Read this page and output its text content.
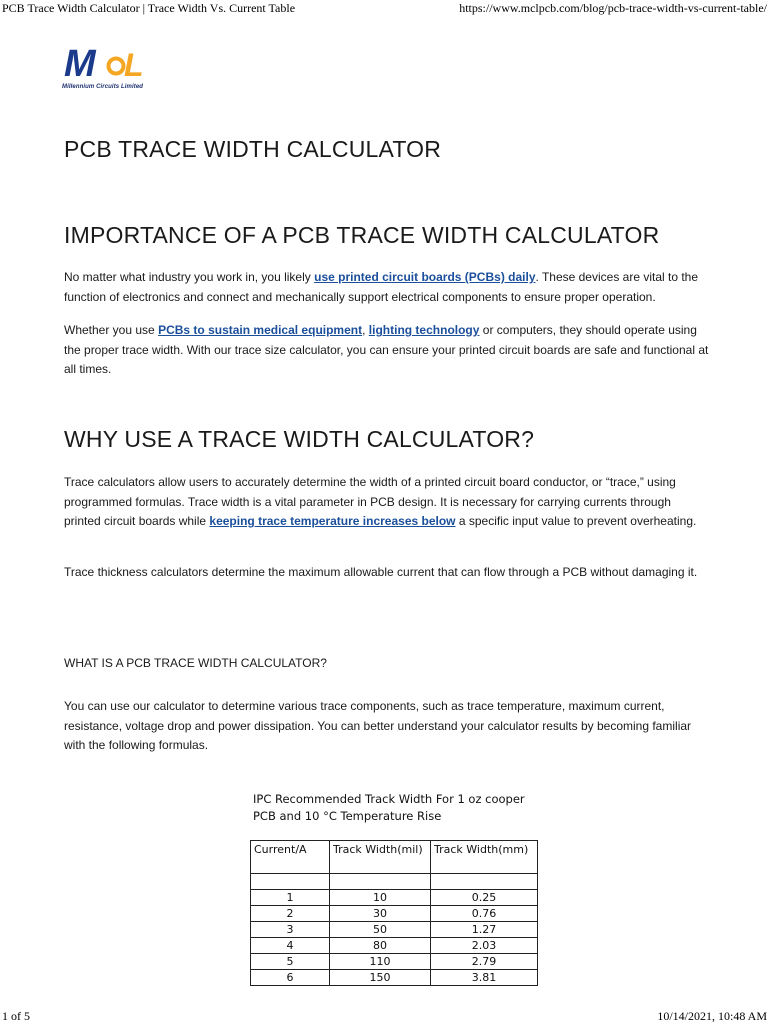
PCB Trace Width Calculator | Trace Width Vs. Current Table	https://www.mclpcb.com/blog/pcb-trace-width-vs-current-table/
M L
Millennium Circuits Limited
PCB TRACE WIDTH CALCULATOR
IMPORTANCE OF A PCB TRACE WIDTH CALCULATOR

No matter what industry you work in, you likely use printed circuit boards (PCBs) daily. These devices are vital to the function of electronics and connect and mechanically support electrical components to ensure proper operation.

Whether you use PCBs to sustain medical equipment, lighting technology or computers, they should operate using the proper trace width. With our trace size calculator, you can ensure your printed circuit boards are safe and functional at all times.

WHY USE A TRACE WIDTH CALCULATOR?

Trace calculators allow users to accurately determine the width of a printed circuit board conductor, or “trace,” using programmed formulas. Trace width is a vital parameter in PCB design. It is necessary for carrying currents through printed circuit boards while keeping trace temperature increases below a specific input value to prevent overheating.

Trace thickness calculators determine the maximum allowable current that can flow through a PCB without damaging it.

WHAT IS A PCB TRACE WIDTH CALCULATOR?

You can use our calculator to determine various trace components, such as trace temperature, maximum current, resistance, voltage drop and power dissipation. You can better understand your calculator results by becoming familiar with the following formulas.

IPC Recommended Track Width For 1 oz cooper
PCB and 10 °C Temperature Rise
Current/A	Track Width(mil)	Track Width(mm)

1	10	0.25
2	30	0.76
3	50	1.27
4	80	2.03
5	110	2.79
6	150	3.81
1 of 5	10/14/2021, 10:48 AM
